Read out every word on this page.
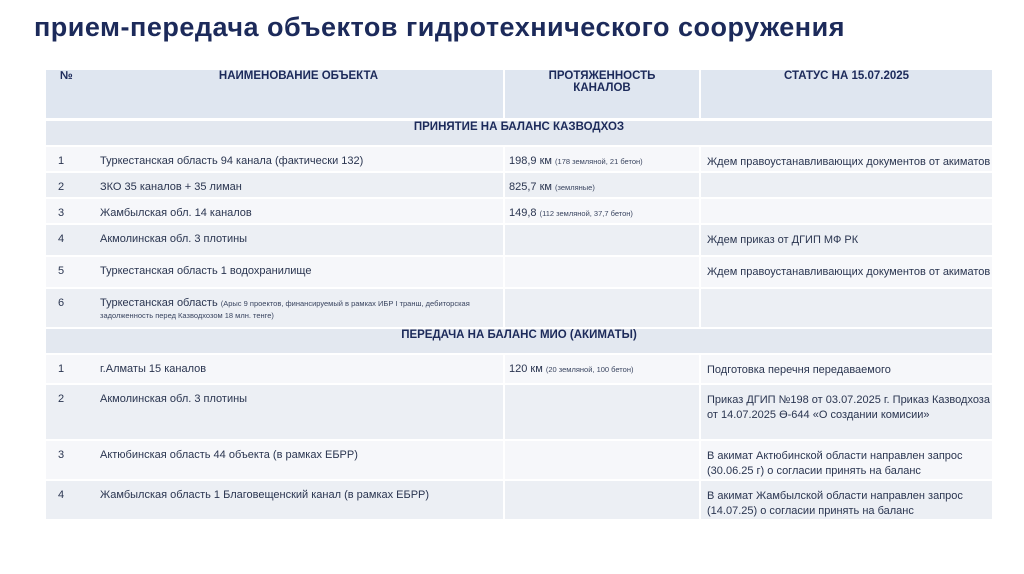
прием-передача объектов гидротехнического сооружения
№	НАИМЕНОВАНИЕ ОБЪЕКТА	ПРОТЯЖЕННОСТЬ КАНАЛОВ	СТАТУС НА 15.07.2025
ПРИНЯТИЕ НА БАЛАНС КАЗВОДХОЗ			
1	Туркестанская область 94 канала (фактически 132)	198,9 км (178 земляной, 21 бетон)	Ждем правоустанавливающих документов от акиматов
2	ЗКО 35 каналов + 35 лиман	825,7 км (земляные)	
3	Жамбылская обл. 14 каналов	149,8 (112 земляной, 37,7 бетон)	
4	Акмолинская обл. 3 плотины		Ждем приказ от ДГИП МФ РК
5	Туркестанская область 1 водохранилище		Ждем правоустанавливающих документов от акиматов
6	Туркестанская область (Арыс 9 проектов, финансируемый в рамках ИБР I транш, дебиторская задолженность перед Казводхозом 18 млн. тенге)		
ПЕРЕДАЧА НА БАЛАНС МИО (АКИМАТЫ)			
1	г.Алматы 15 каналов	120 км (20 земляной, 100 бетон)	Подготовка перечня передаваемого
2	Акмолинская обл. 3 плотины		Приказ ДГИП №198 от 03.07.2025 г. Приказ Казводхоза от 14.07.2025 Ө-644 «О создании комисии»
3	Актюбинская область 44 объекта (в рамках ЕБРР)		В акимат Актюбинской области направлен запрос (30.06.25 г) о согласии принять на баланс
4	Жамбылская область 1 Благовещенский канал (в рамках ЕБРР)		В акимат Жамбылской области направлен запрос (14.07.25) о согласии принять на баланс
